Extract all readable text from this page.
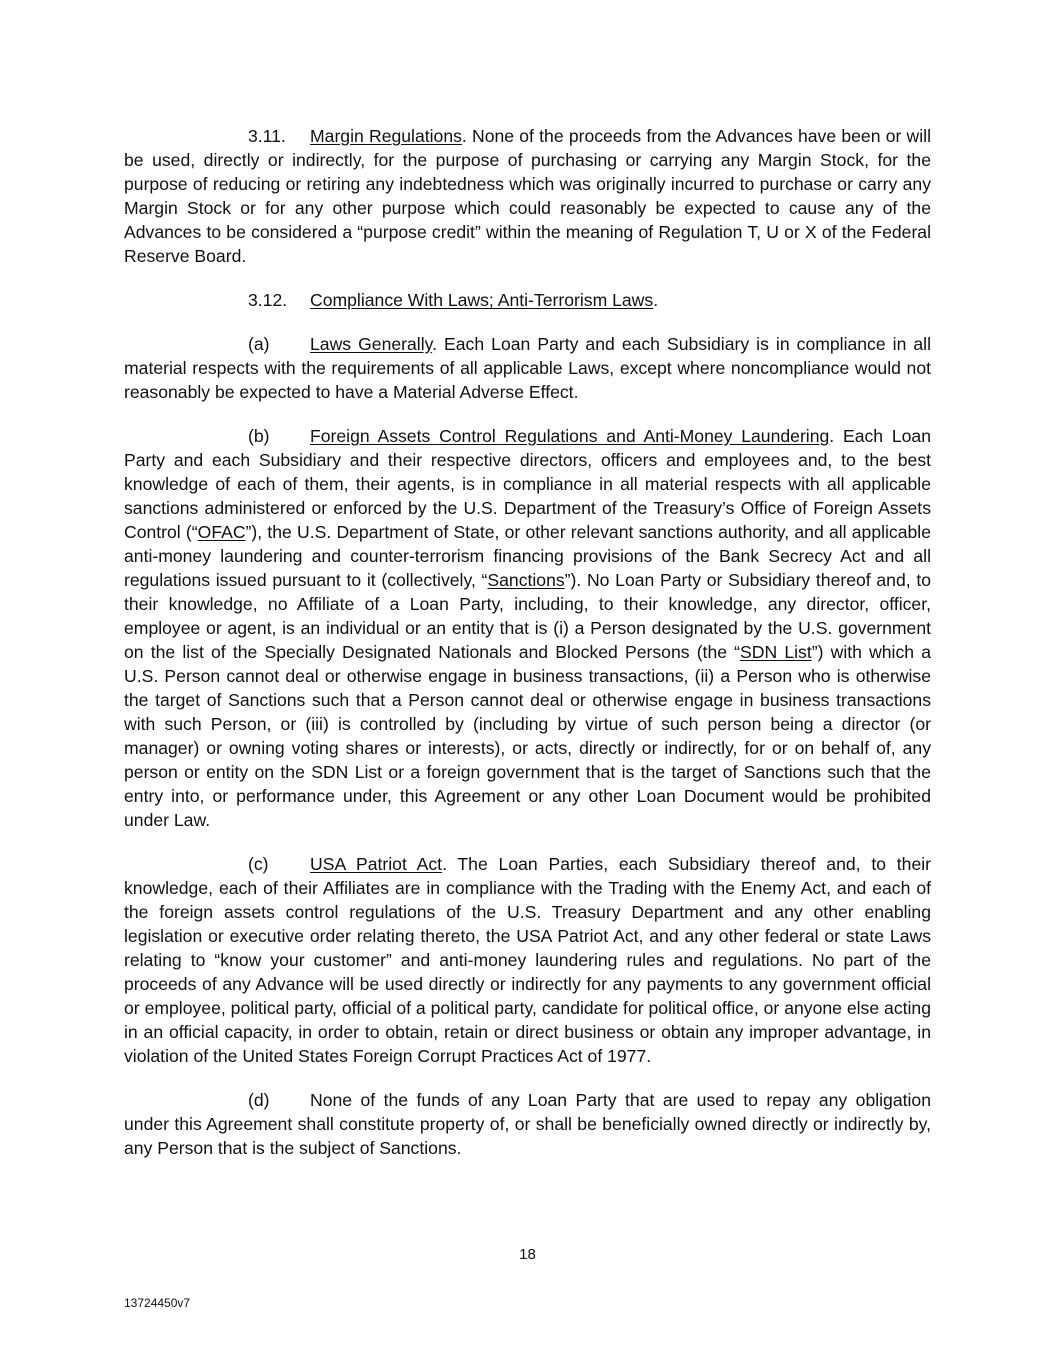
3.11. Margin Regulations. None of the proceeds from the Advances have been or will be used, directly or indirectly, for the purpose of purchasing or carrying any Margin Stock, for the purpose of reducing or retiring any indebtedness which was originally incurred to purchase or carry any Margin Stock or for any other purpose which could reasonably be expected to cause any of the Advances to be considered a “purpose credit” within the meaning of Regulation T, U or X of the Federal Reserve Board.

3.12. Compliance With Laws; Anti-Terrorism Laws.

(a) Laws Generally. Each Loan Party and each Subsidiary is in compliance in all material respects with the requirements of all applicable Laws, except where noncompliance would not reasonably be expected to have a Material Adverse Effect.

(b) Foreign Assets Control Regulations and Anti-Money Laundering. Each Loan Party and each Subsidiary and their respective directors, officers and employees and, to the best knowledge of each of them, their agents, is in compliance in all material respects with all applicable sanctions administered or enforced by the U.S. Department of the Treasury’s Office of Foreign Assets Control (“OFAC”), the U.S. Department of State, or other relevant sanctions authority, and all applicable anti-money laundering and counter-terrorism financing provisions of the Bank Secrecy Act and all regulations issued pursuant to it (collectively, “Sanctions”). No Loan Party or Subsidiary thereof and, to their knowledge, no Affiliate of a Loan Party, including, to their knowledge, any director, officer, employee or agent, is an individual or an entity that is (i) a Person designated by the U.S. government on the list of the Specially Designated Nationals and Blocked Persons (the “SDN List”) with which a U.S. Person cannot deal or otherwise engage in business transactions, (ii) a Person who is otherwise the target of Sanctions such that a Person cannot deal or otherwise engage in business transactions with such Person, or (iii) is controlled by (including by virtue of such person being a director (or manager) or owning voting shares or interests), or acts, directly or indirectly, for or on behalf of, any person or entity on the SDN List or a foreign government that is the target of Sanctions such that the entry into, or performance under, this Agreement or any other Loan Document would be prohibited under Law.

(c) USA Patriot Act. The Loan Parties, each Subsidiary thereof and, to their knowledge, each of their Affiliates are in compliance with the Trading with the Enemy Act, and each of the foreign assets control regulations of the U.S. Treasury Department and any other enabling legislation or executive order relating thereto, the USA Patriot Act, and any other federal or state Laws relating to “know your customer” and anti-money laundering rules and regulations. No part of the proceeds of any Advance will be used directly or indirectly for any payments to any government official or employee, political party, official of a political party, candidate for political office, or anyone else acting in an official capacity, in order to obtain, retain or direct business or obtain any improper advantage, in violation of the United States Foreign Corrupt Practices Act of 1977.

(d) None of the funds of any Loan Party that are used to repay any obligation under this Agreement shall constitute property of, or shall be beneficially owned directly or indirectly by, any Person that is the subject of Sanctions.

18
13724450v7
